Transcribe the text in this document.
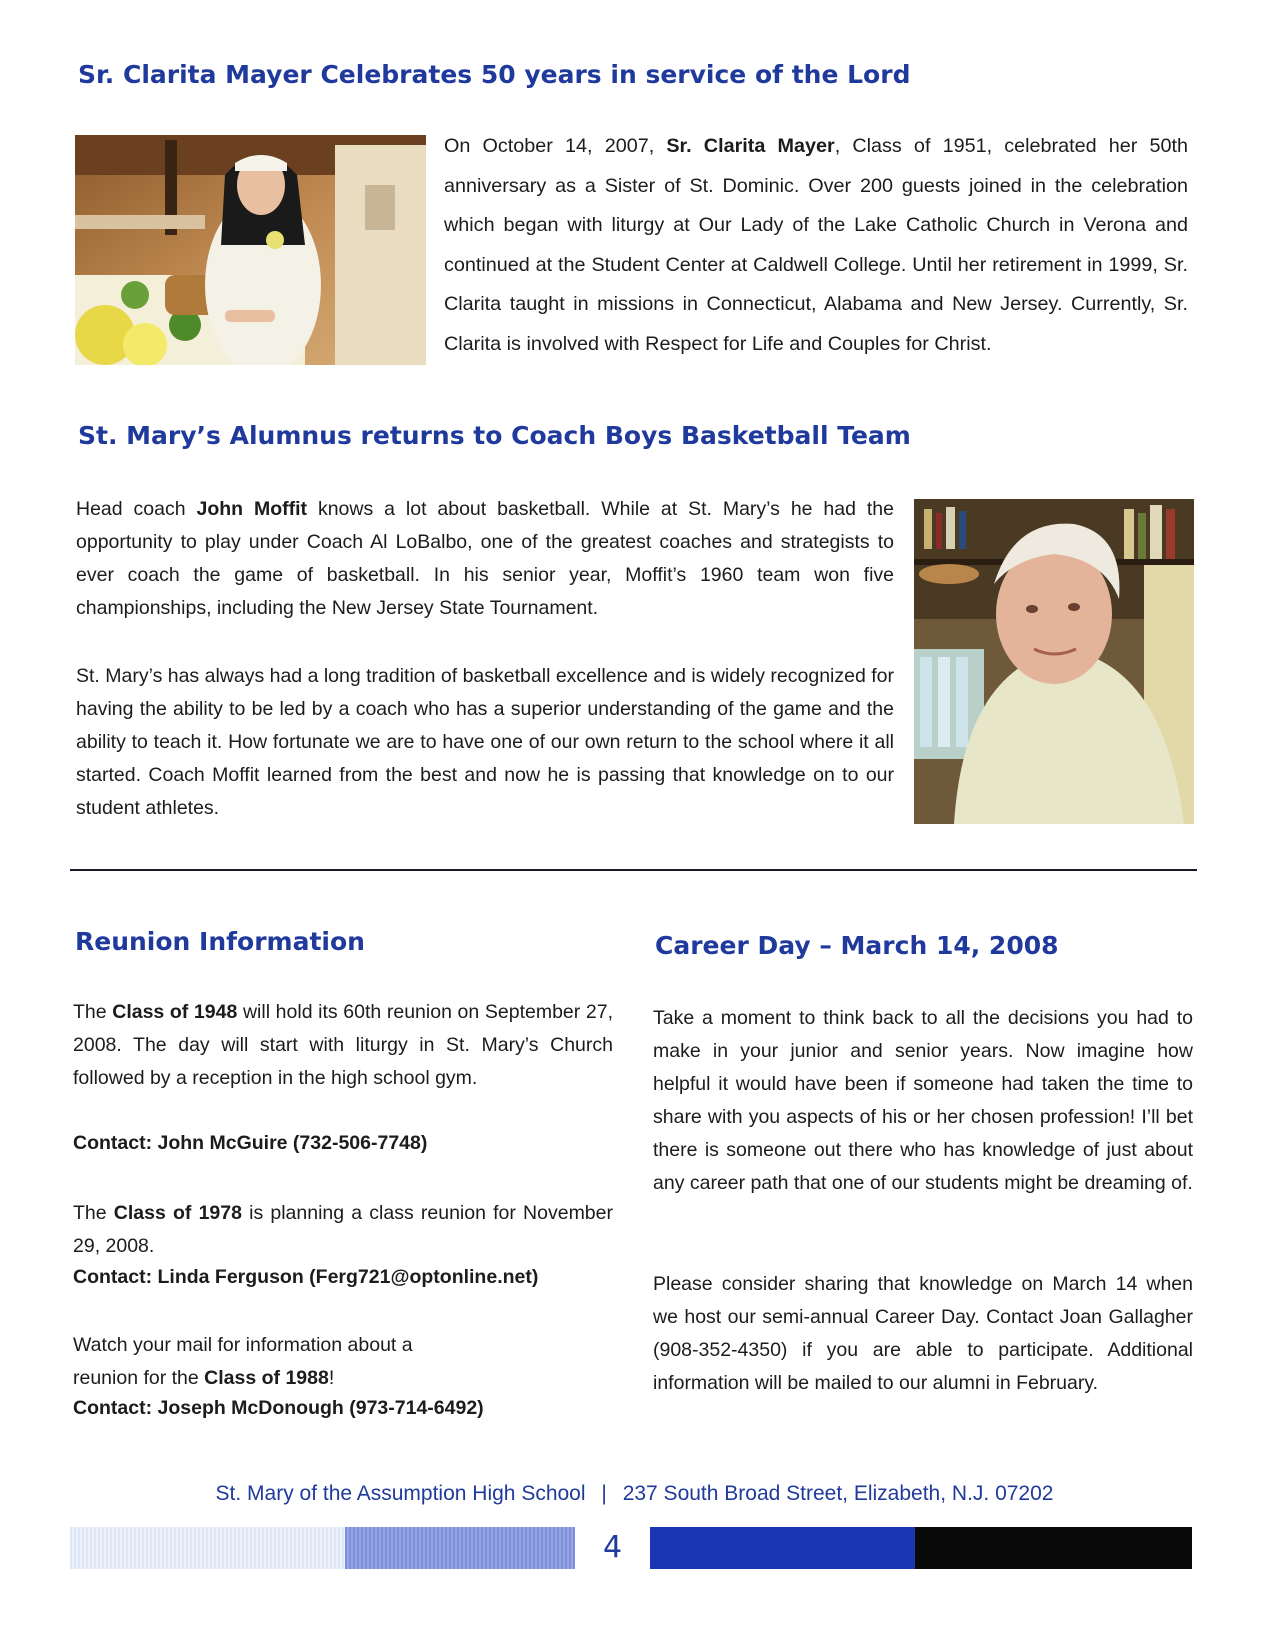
Sr. Clarita Mayer Celebrates 50 years in service of the Lord

On October 14, 2007, Sr. Clarita Mayer, Class of 1951, celebrated her 50th anniversary as a Sister of St. Dominic. Over 200 guests joined in the celebration which began with liturgy at Our Lady of the Lake Catholic Church in Verona and continued at the Student Center at Caldwell College. Until her retirement in 1999, Sr. Clarita taught in missions in Connecticut, Alabama and New Jersey. Currently, Sr. Clarita is involved with Respect for Life and Couples for Christ.

St. Mary’s Alumnus returns to Coach Boys Basketball Team

Head coach John Moffit knows a lot about basketball. While at St. Mary’s he had the opportunity to play under Coach Al LoBalbo, one of the greatest coaches and strategists to ever coach the game of basketball. In his senior year, Moffit’s 1960 team won five championships, including the New Jersey State Tournament.

St. Mary’s has always had a long tradition of basketball excellence and is widely recognized for having the ability to be led by a coach who has a superior understanding of the game and the ability to teach it. How fortunate we are to have one of our own return to the school where it all started. Coach Moffit learned from the best and now he is passing that knowledge on to our student athletes.

Reunion Information

The Class of 1948 will hold its 60th reunion on September 27, 2008. The day will start with liturgy in St. Mary’s Church followed by a reception in the high school gym.

Contact: John McGuire (732-506-7748)

The Class of 1978 is planning a class reunion for November 29, 2008.

Contact: Linda Ferguson (Ferg721@optonline.net)

Watch your mail for information about a
reunion for the Class of 1988!

Contact: Joseph McDonough (973-714-6492)

Career Day – March 14, 2008

Take a moment to think back to all the decisions you had to make in your junior and senior years. Now imagine how helpful it would have been if someone had taken the time to share with you aspects of his or her chosen profession! I’ll bet there is someone out there who has knowledge of just about any career path that one of our students might be dreaming of.

Please consider sharing that knowledge on March 14 when we host our semi-annual Career Day. Contact Joan Gallagher (908-352-4350) if you are able to participate. Additional information will be mailed to our alumni in February.

St. Mary of the Assumption High School | 237 South Broad Street, Elizabeth, N.J. 07202
4
